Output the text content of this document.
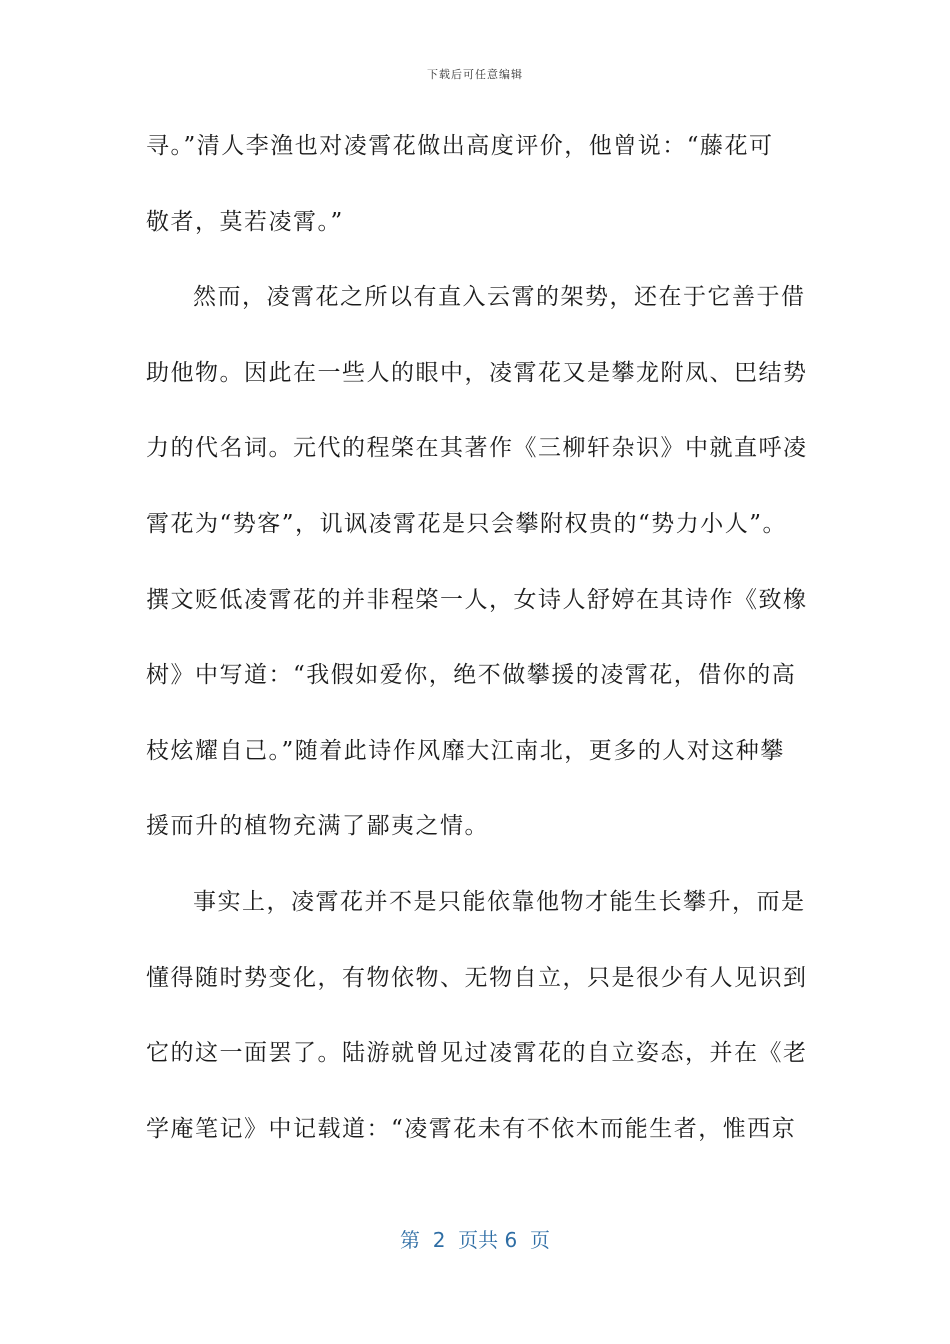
下载后可任意编辑
寻。”清人李渔也对凌霄花做出高度评价，他曾说：“藤花可
敬者，莫若凌霄。”
然而，凌霄花之所以有直入云霄的架势，还在于它善于借
助他物。因此在一些人的眼中，凌霄花又是攀龙附凤、巴结势
力的代名词。元代的程棨在其著作《三柳轩杂识》中就直呼凌
霄花为“势客”，讥讽凌霄花是只会攀附权贵的“势力小人”。
撰文贬低凌霄花的并非程棨一人，女诗人舒婷在其诗作《致橡
树》中写道：“我假如爱你，绝不做攀援的凌霄花，借你的高
枝炫耀自己。”随着此诗作风靡大江南北，更多的人对这种攀
援而升的植物充满了鄙夷之情。
事实上，凌霄花并不是只能依靠他物才能生长攀升，而是
懂得随时势变化，有物依物、无物自立，只是很少有人见识到
它的这一面罢了。陆游就曾见过凌霄花的自立姿态，并在《老
学庵笔记》中记载道：“凌霄花未有不依木而能生者，惟西京
第  2  页共 6  页
